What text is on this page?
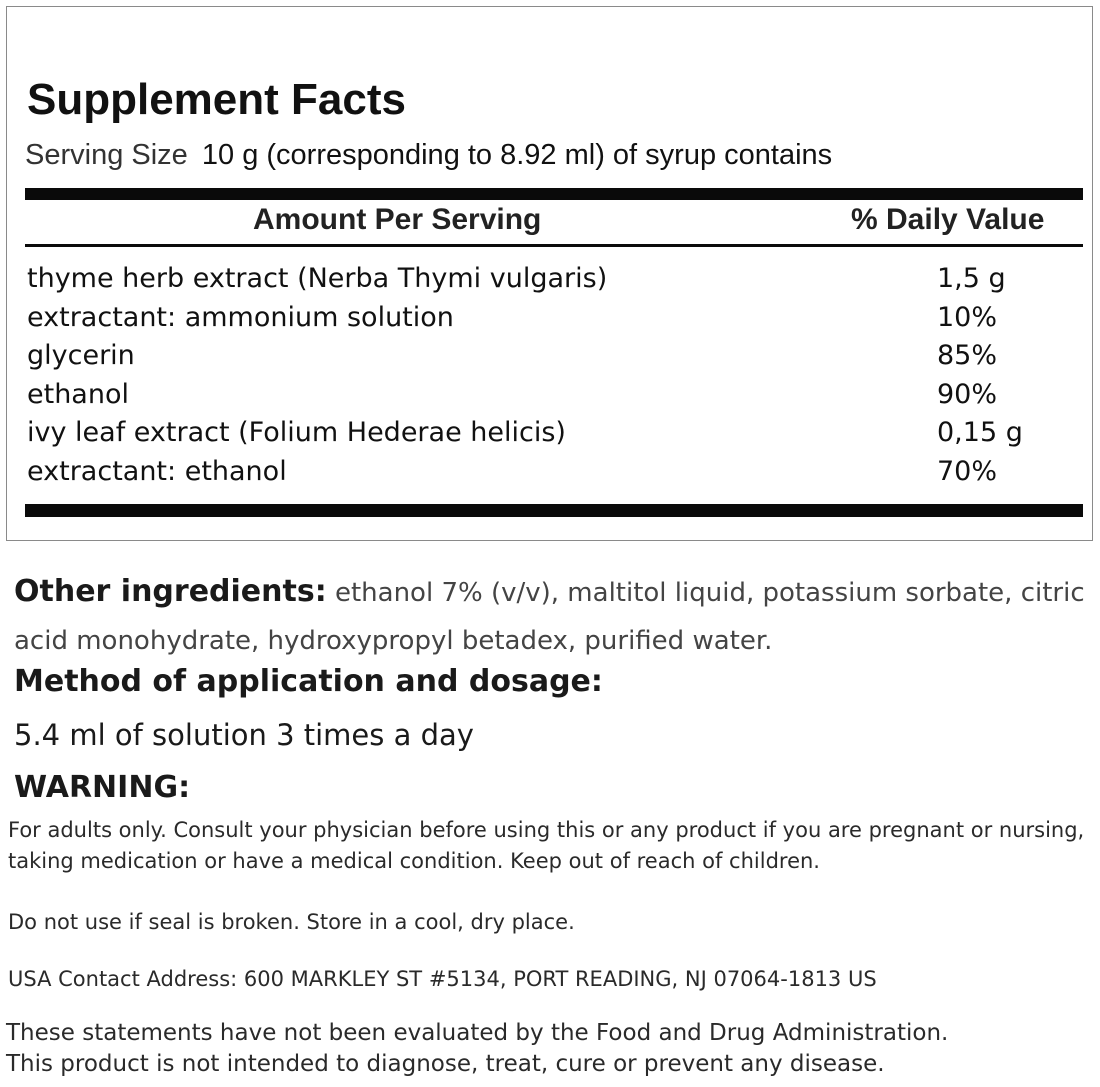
Supplement Facts
Serving Size 10 g (corresponding to 8.92 ml) of syrup contains
Amount Per Serving	% Daily Value
thyme herb extract (Nerba Thymi vulgaris)	1,5 g
extractant: ammonium solution	10%
glycerin	85%
ethanol	90%
ivy leaf extract (Folium Hederae helicis)	0,15 g
extractant: ethanol	70%
Other ingredients: ethanol 7% (v/v), maltitol liquid, potassium sorbate, citric acid monohydrate, hydroxypropyl betadex, purified water.
Method of application and dosage:
5.4 ml of solution 3 times a day
WARNING:
For adults only. Consult your physician before using this or any product if you are pregnant or nursing, taking medication or have a medical condition. Keep out of reach of children.
Do not use if seal is broken. Store in a cool, dry place.
USA Contact Address: 600 MARKLEY ST #5134, PORT READING, NJ 07064-1813 US
These statements have not been evaluated by the Food and Drug Administration.
This product is not intended to diagnose, treat, cure or prevent any disease.
